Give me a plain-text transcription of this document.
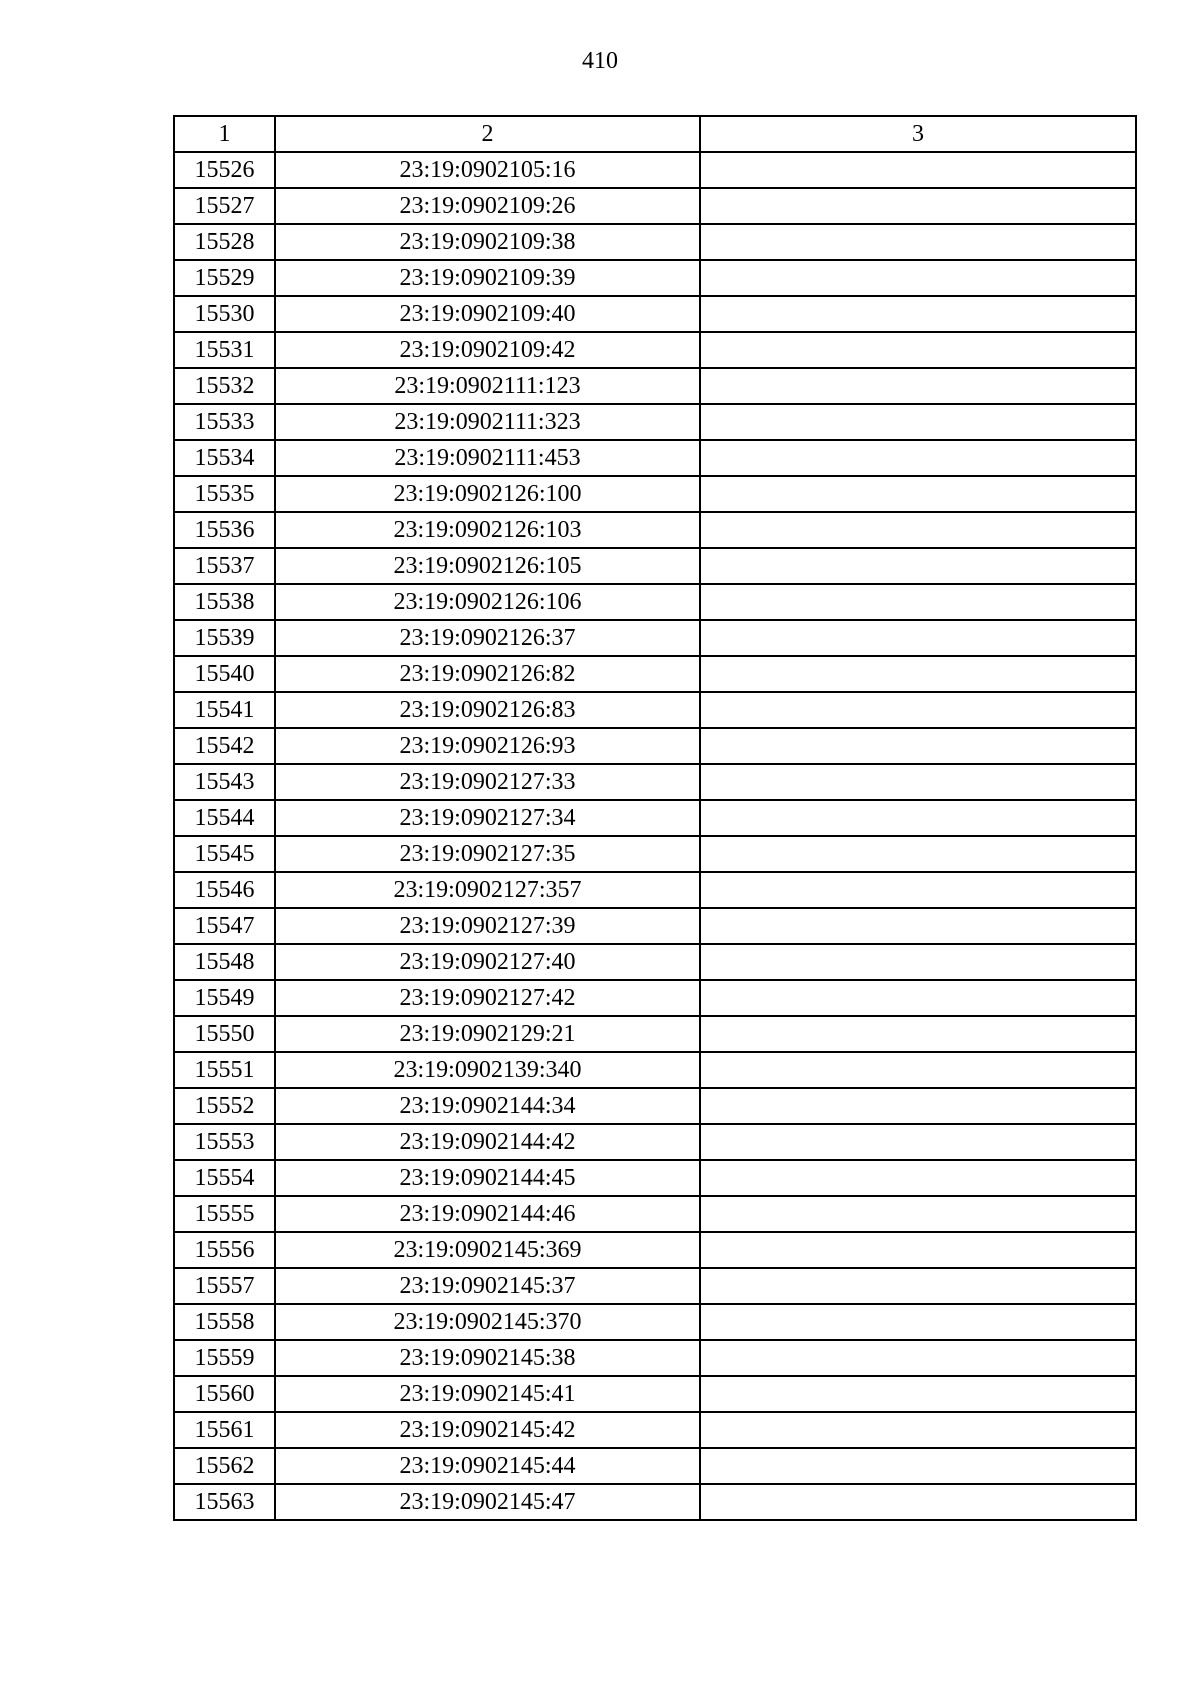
410
1	2	3
15526	23:19:0902105:16	
15527	23:19:0902109:26	
15528	23:19:0902109:38	
15529	23:19:0902109:39	
15530	23:19:0902109:40	
15531	23:19:0902109:42	
15532	23:19:0902111:123	
15533	23:19:0902111:323	
15534	23:19:0902111:453	
15535	23:19:0902126:100	
15536	23:19:0902126:103	
15537	23:19:0902126:105	
15538	23:19:0902126:106	
15539	23:19:0902126:37	
15540	23:19:0902126:82	
15541	23:19:0902126:83	
15542	23:19:0902126:93	
15543	23:19:0902127:33	
15544	23:19:0902127:34	
15545	23:19:0902127:35	
15546	23:19:0902127:357	
15547	23:19:0902127:39	
15548	23:19:0902127:40	
15549	23:19:0902127:42	
15550	23:19:0902129:21	
15551	23:19:0902139:340	
15552	23:19:0902144:34	
15553	23:19:0902144:42	
15554	23:19:0902144:45	
15555	23:19:0902144:46	
15556	23:19:0902145:369	
15557	23:19:0902145:37	
15558	23:19:0902145:370	
15559	23:19:0902145:38	
15560	23:19:0902145:41	
15561	23:19:0902145:42	
15562	23:19:0902145:44	
15563	23:19:0902145:47	
